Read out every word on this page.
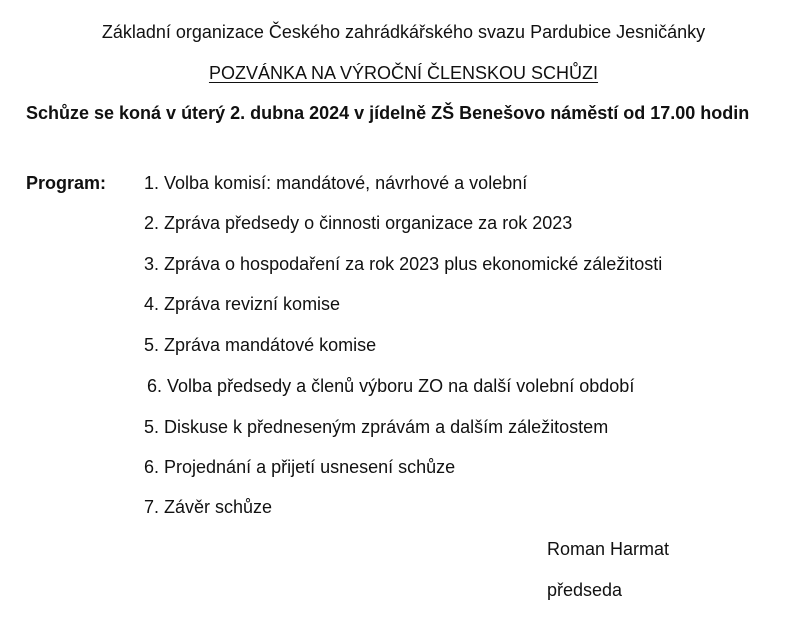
Základní organizace Českého zahrádkářského svazu Pardubice Jesničánky
POZVÁNKA NA VÝROČNÍ ČLENSKOU SCHŮZI
Schůze se koná v úterý 2. dubna 2024 v jídelně ZŠ Benešovo náměstí od 17.00 hodin
Program: 1. Volba komisí: mandátové, návrhové a volební
2. Zpráva předsedy o činnosti organizace za rok 2023
3. Zpráva o hospodaření za rok 2023 plus ekonomické záležitosti
4. Zpráva revizní komise
5. Zpráva mandátové komise
6. Volba předsedy a členů výboru ZO na další volební období
5. Diskuse k předneseným zprávám a dalším záležitostem
6. Projednání a přijetí usnesení schůze
7. Závěr schůze
Roman Harmat
předseda
